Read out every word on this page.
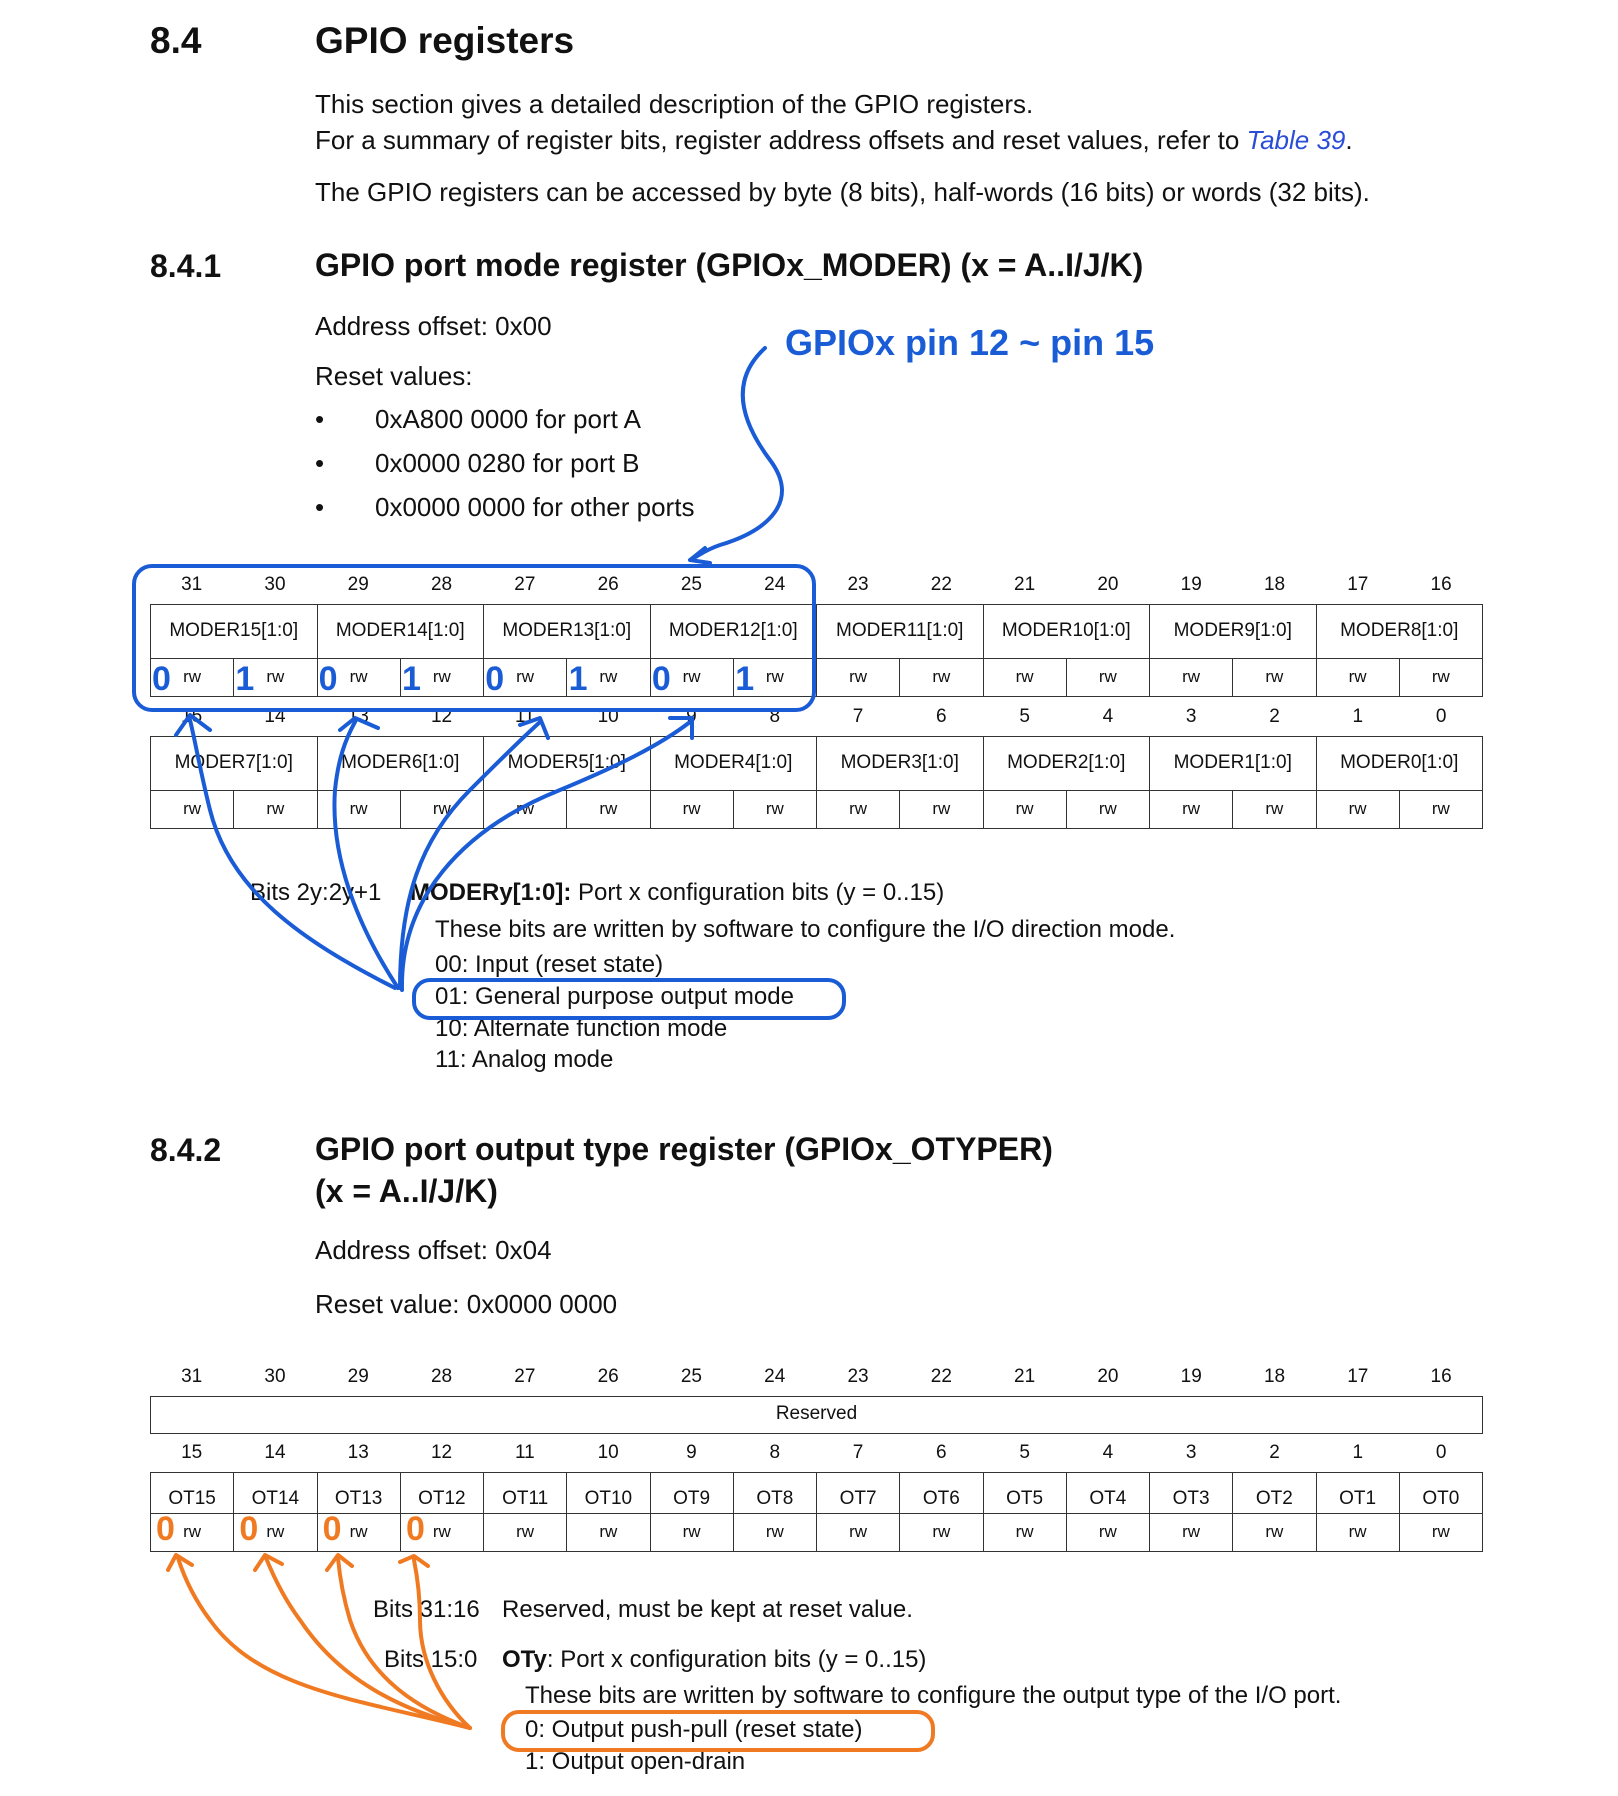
8.4	GPIO registers
This section gives a detailed description of the GPIO registers.
For a summary of register bits, register address offsets and reset values, refer to Table 39.
The GPIO registers can be accessed by byte (8 bits), half-words (16 bits) or words (32 bits).
8.4.1	GPIO port mode register (GPIOx_MODER) (x = A..I/J/K)
Address offset: 0x00
Reset values:
• 0xA800 0000 for port A
• 0x0000 0280 for port B
• 0x0000 0000 for other ports
GPIOx pin 12 ~ pin 15
31	30	29	28	27	26	25	24	23	22	21	20	19	18	17	16
MODER15[1:0]	MODER14[1:0]	MODER13[1:0]	MODER12[1:0]	MODER11[1:0]	MODER10[1:0]	MODER9[1:0]	MODER8[1:0]
rw	rw	rw	rw	rw	rw	rw	rw	rw	rw	rw	rw	rw	rw	rw	rw
15	14	13	12	11	10	9	8	7	6	5	4	3	2	1	0
MODER7[1:0]	MODER6[1:0]	MODER5[1:0]	MODER4[1:0]	MODER3[1:0]	MODER2[1:0]	MODER1[1:0]	MODER0[1:0]
rw	rw	rw	rw	rw	rw	rw	rw	rw	rw	rw	rw	rw	rw	rw	rw
Bits 2y:2y+1 MODERy[1:0]: Port x configuration bits (y = 0..15)
These bits are written by software to configure the I/O direction mode.
00: Input (reset state)
01: General purpose output mode
10: Alternate function mode
11: Analog mode
8.4.2	GPIO port output type register (GPIOx_OTYPER)
(x = A..I/J/K)
Address offset: 0x04
Reset value: 0x0000 0000
31	30	29	28	27	26	25	24	23	22	21	20	19	18	17	16
Reserved
15	14	13	12	11	10	9	8	7	6	5	4	3	2	1	0
OT15	OT14	OT13	OT12	OT11	OT10	OT9	OT8	OT7	OT6	OT5	OT4	OT3	OT2	OT1	OT0
rw	rw	rw	rw	rw	rw	rw	rw	rw	rw	rw	rw	rw	rw	rw	rw
Bits 31:16 Reserved, must be kept at reset value.
Bits 15:0 OTy: Port x configuration bits (y = 0..15)
These bits are written by software to configure the output type of the I/O port.
0: Output push-pull (reset state)
1: Output open-drain
0 1 0 1 0 1 0 1
0 0 0 0
